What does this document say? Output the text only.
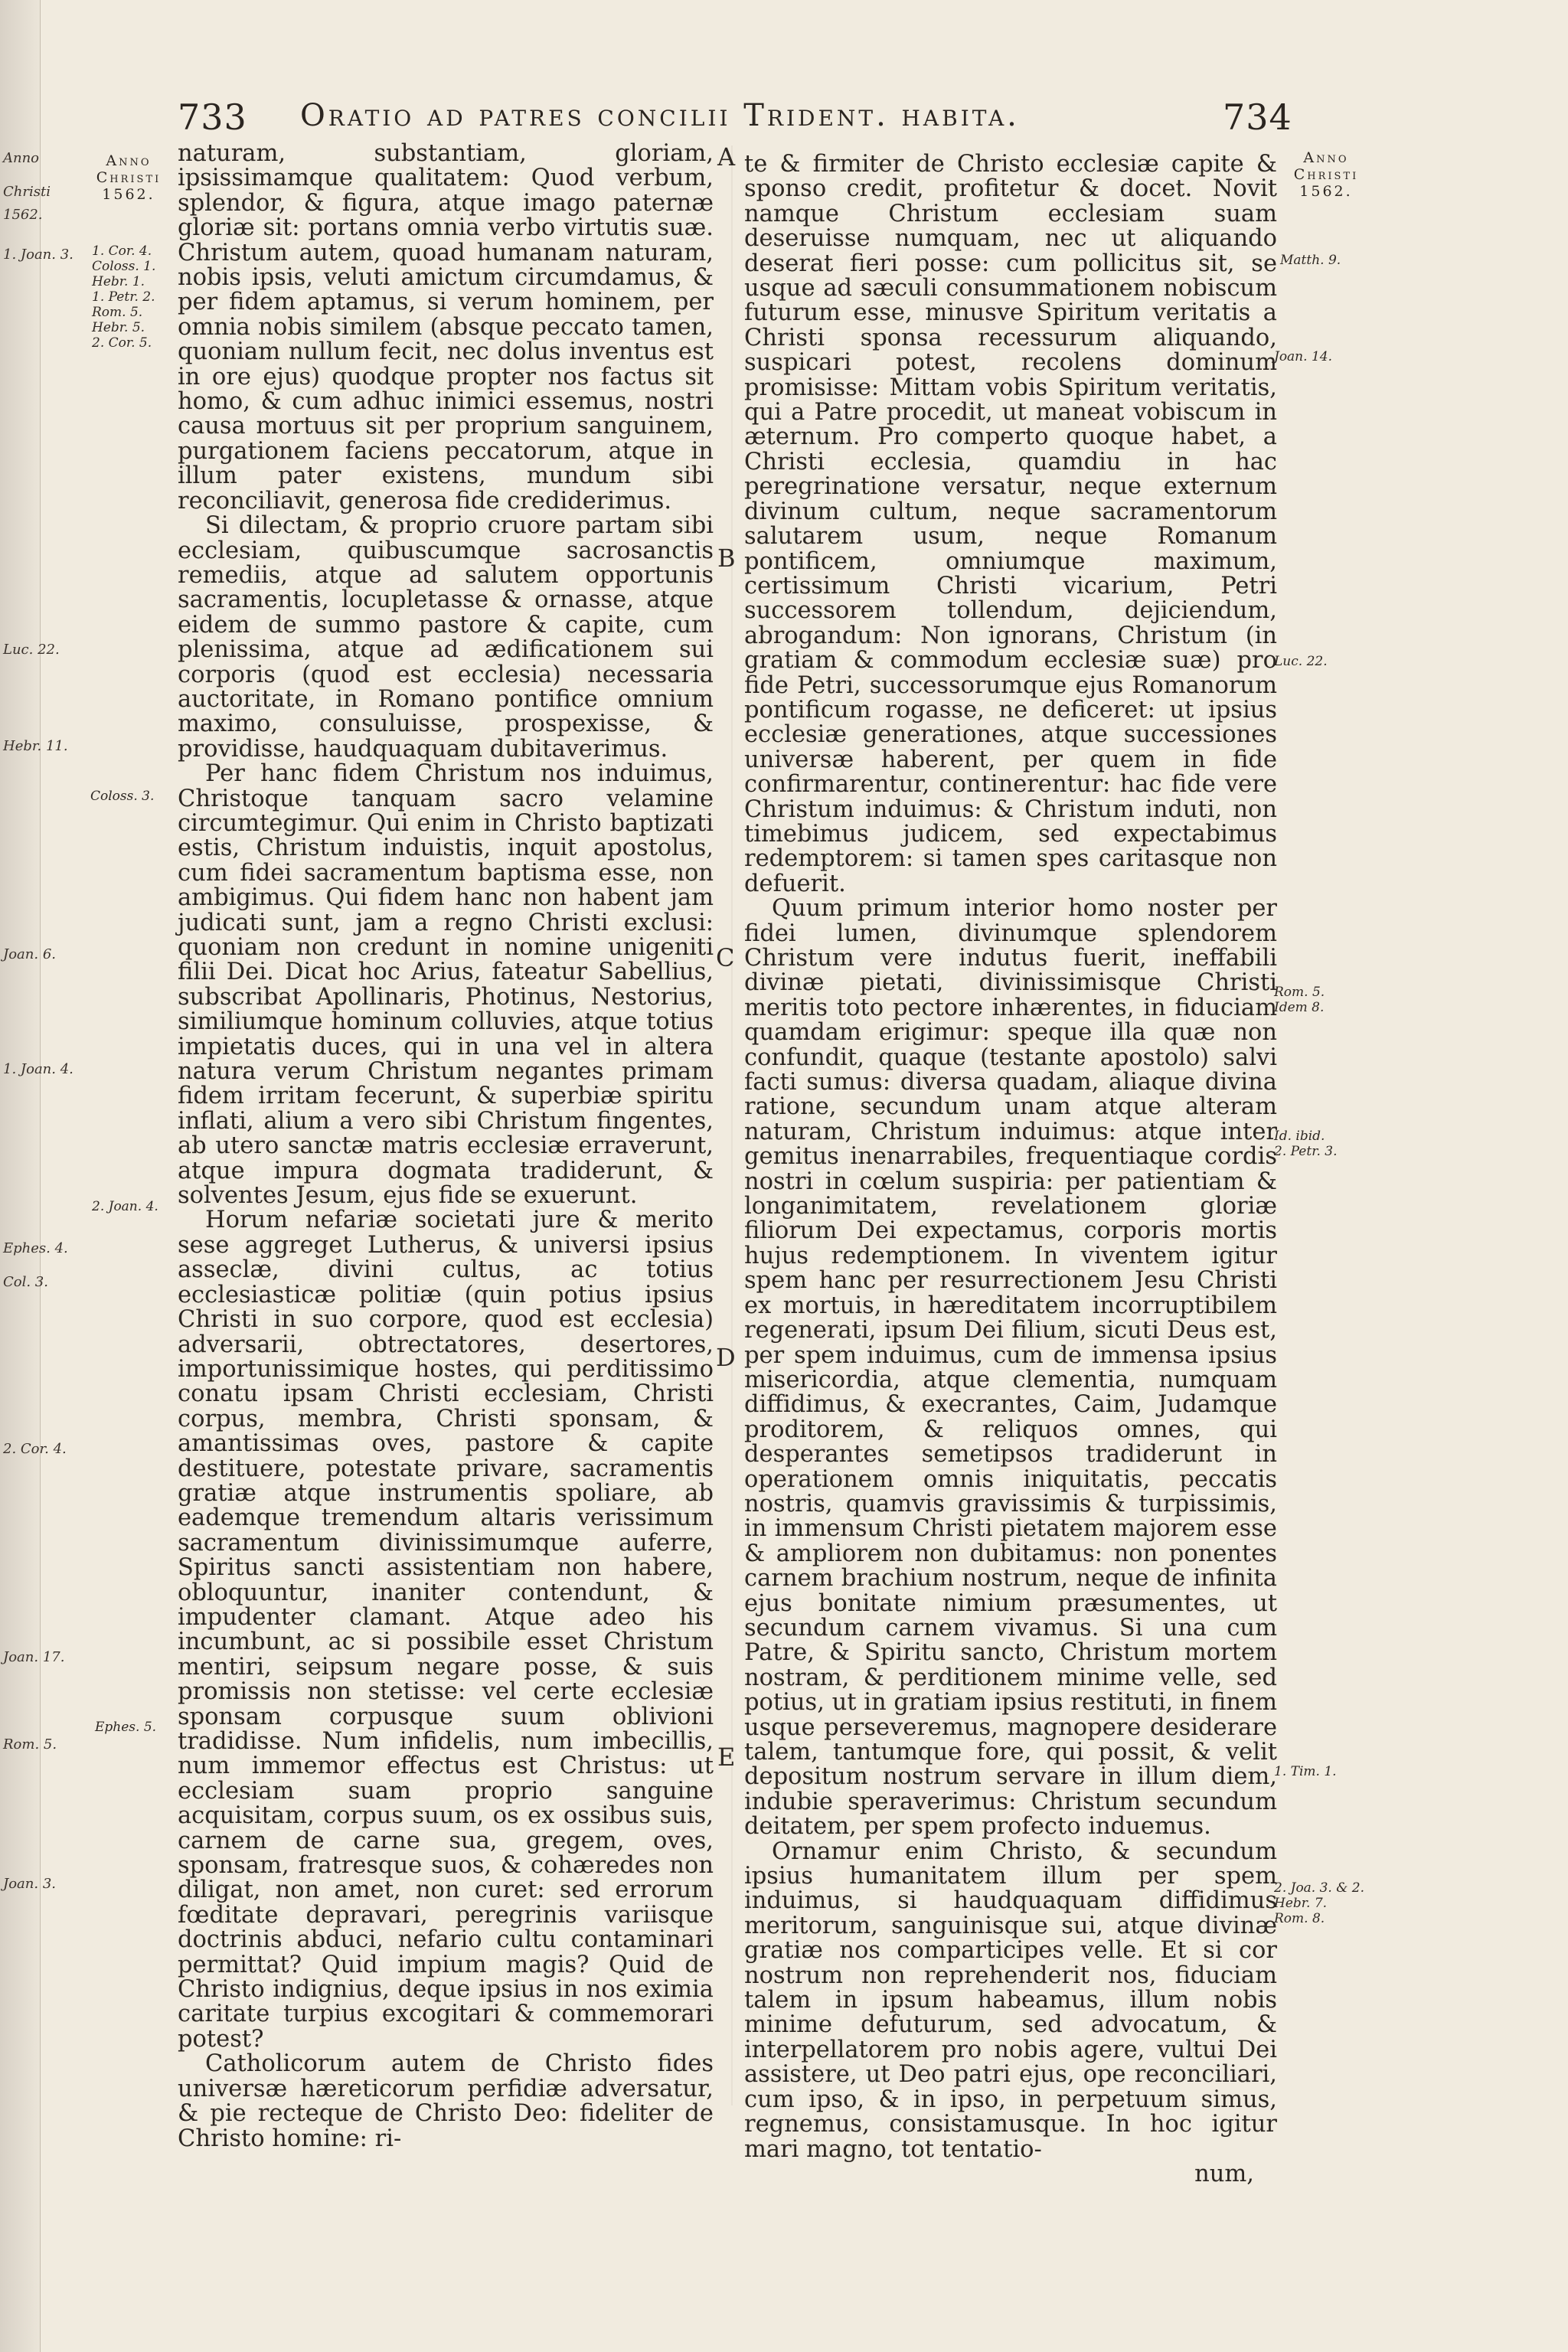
Anno
Christi
1562.
1. Joan. 3.
Luc. 22.
Hebr. 11.
Joan. 6.
1. Joan. 4.
Ephes. 4.
Col. 3.
2. Cor. 4.
Joan. 17.
Rom. 5.
Joan. 3.
733 Oratio ad patres concilii Trident. habita.	734
Anno
Christi
1562.
Anno
Christi
1562.
1. Cor. 4.
Coloss. 1.
Hebr. 1.
1. Petr. 2.
Rom. 5.
Hebr. 5.
2. Cor. 5.
Coloss. 3.
2. Joan. 4.
Ephes. 5.
Matth. 9.
Joan. 14.
Luc. 22.
Rom. 5.
Idem 8.
Id. ibid.
2. Petr. 3.
1. Tim. 1.
2. Joa. 3. & 2.
Hebr. 7.
Rom. 8.
A
B
C
D
E

naturam, substantiam, gloriam, ipsissimamque qualitatem: Quod verbum, splendor, & figura, atque imago paternæ gloriæ sit: portans omnia verbo virtutis suæ. Christum autem, quoad humanam naturam, nobis ipsis, veluti amictum circumdamus, & per fidem aptamus, si verum hominem, per omnia nobis similem (absque peccato tamen, quoniam nullum fecit, nec dolus inventus est in ore ejus) quodque propter nos factus sit homo, & cum adhuc inimici essemus, nostri causa mortuus sit per proprium sanguinem, purgationem faciens peccatorum, atque in illum pater existens, mundum sibi reconciliavit, generosa fide crediderimus.

Si dilectam, & proprio cruore partam sibi ecclesiam, quibuscumque sacrosanctis remediis, atque ad salutem opportunis sacramentis, locupletasse & ornasse, atque eidem de summo pastore & capite, cum plenissima, atque ad ædificationem sui corporis (quod est ecclesia) necessaria auctoritate, in Romano pontifice omnium maximo, consuluisse, prospexisse, & providisse, haudquaquam dubitaverimus.

Per hanc fidem Christum nos induimus, Christoque tanquam sacro velamine circumtegimur. Qui enim in Christo baptizati estis, Christum induistis, inquit apostolus, cum fidei sacramentum baptisma esse, non ambigimus. Qui fidem hanc non habent jam judicati sunt, jam a regno Christi exclusi: quoniam non credunt in nomine unigeniti filii Dei. Dicat hoc Arius, fateatur Sabellius, subscribat Apollinaris, Photinus, Nestorius, similiumque hominum colluvies, atque totius impietatis duces, qui in una vel in altera natura verum Christum negantes primam fidem irritam fecerunt, & superbiæ spiritu inflati, alium a vero sibi Christum fingentes, ab utero sanctæ matris ecclesiæ erraverunt, atque impura dogmata tradiderunt, & solventes Jesum, ejus fide se exuerunt.

Horum nefariæ societati jure & merito sese aggreget Lutherus, & universi ipsius asseclæ, divini cultus, ac totius ecclesiasticæ politiæ (quin potius ipsius Christi in suo corpore, quod est ecclesia) adversarii, obtrectatores, desertores, importunissimique hostes, qui perditissimo conatu ipsam Christi ecclesiam, Christi corpus, membra, Christi sponsam, & amantissimas oves, pastore & capite destituere, potestate privare, sacramentis gratiæ atque instrumentis spoliare, ab eademque tremendum altaris verissimum sacramentum divinissimumque auferre, Spiritus sancti assistentiam non habere, obloquuntur, inaniter contendunt, & impudenter clamant. Atque adeo his incumbunt, ac si possibile esset Christum mentiri, seipsum negare posse, & suis promissis non stetisse: vel certe ecclesiæ sponsam corpusque suum oblivioni tradidisse. Num infidelis, num imbecillis, num immemor effectus est Christus: ut ecclesiam suam proprio sanguine acquisitam, corpus suum, os ex ossibus suis, carnem de carne sua, gregem, oves, sponsam, fratresque suos, & cohæredes non diligat, non amet, non curet: sed errorum fœditate depravari, peregrinis variisque doctrinis abduci, nefario cultu contaminari permittat? Quid impium magis? Quid de Christo indignius, deque ipsius in nos eximia caritate turpius excogitari & commemorari potest?

Catholicorum autem de Christo fides universæ hæreticorum perfidiæ adversatur, & pie recteque de Christo Deo: fideliter de Christo homine: ri-

te & firmiter de Christo ecclesiæ capite & sponso credit, profitetur & docet. Novit namque Christum ecclesiam suam deseruisse numquam, nec ut aliquando deserat fieri posse: cum pollicitus sit, se usque ad sæculi consummationem nobiscum futurum esse, minusve Spiritum veritatis a Christi sponsa recessurum aliquando, suspicari potest, recolens dominum promisisse: Mittam vobis Spiritum veritatis, qui a Patre procedit, ut maneat vobiscum in æternum. Pro comperto quoque habet, a Christi ecclesia, quamdiu in hac peregrinatione versatur, neque externum divinum cultum, neque sacramentorum salutarem usum, neque Romanum pontificem, omniumque maximum, certissimum Christi vicarium, Petri successorem tollendum, dejiciendum, abrogandum: Non ignorans, Christum (in gratiam & commodum ecclesiæ suæ) pro fide Petri, successorumque ejus Romanorum pontificum rogasse, ne deficeret: ut ipsius ecclesiæ generationes, atque successiones universæ haberent, per quem in fide confirmarentur, continerentur: hac fide vere Christum induimus: & Christum induti, non timebimus judicem, sed expectabimus redemptorem: si tamen spes caritasque non defuerit.

Quum primum interior homo noster per fidei lumen, divinumque splendorem Christum vere indutus fuerit, ineffabili divinæ pietati, divinissimisque Christi meritis toto pectore inhærentes, in fiduciam quamdam erigimur: speque illa quæ non confundit, quaque (testante apostolo) salvi facti sumus: diversa quadam, aliaque divina ratione, secundum unam atque alteram naturam, Christum induimus: atque inter gemitus inenarrabiles, frequentiaque cordis nostri in cœlum suspiria: per patientiam & longanimitatem, revelationem gloriæ filiorum Dei expectamus, corporis mortis hujus redemptionem. In viventem igitur spem hanc per resurrectionem Jesu Christi ex mortuis, in hæreditatem incorruptibilem regenerati, ipsum Dei filium, sicuti Deus est, per spem induimus, cum de immensa ipsius misericordia, atque clementia, numquam diffidimus, & execrantes, Caim, Judamque proditorem, & reliquos omnes, qui desperantes semetipsos tradiderunt in operationem omnis iniquitatis, peccatis nostris, quamvis gravissimis & turpissimis, in immensum Christi pietatem majorem esse & ampliorem non dubitamus: non ponentes carnem brachium nostrum, neque de infinita ejus bonitate nimium præsumentes, ut secundum carnem vivamus. Si una cum Patre, & Spiritu sancto, Christum mortem nostram, & perditionem minime velle, sed potius, ut in gratiam ipsius restituti, in finem usque perseveremus, magnopere desiderare talem, tantumque fore, qui possit, & velit depositum nostrum servare in illum diem, indubie speraverimus: Christum secundum deitatem, per spem profecto induemus.

Ornamur enim Christo, & secundum ipsius humanitatem illum per spem induimus, si haudquaquam diffidimus meritorum, sanguinisque sui, atque divinæ gratiæ nos comparticipes velle. Et si cor nostrum non reprehenderit nos, fiduciam talem in ipsum habeamus, illum nobis minime defuturum, sed advocatum, & interpellatorem pro nobis agere, vultui Dei assistere, ut Deo patri ejus, ope reconciliari, cum ipso, & in ipso, in perpetuum simus, regnemus, consistamusque. In hoc igitur mari magno, tot tentatio-

num,
